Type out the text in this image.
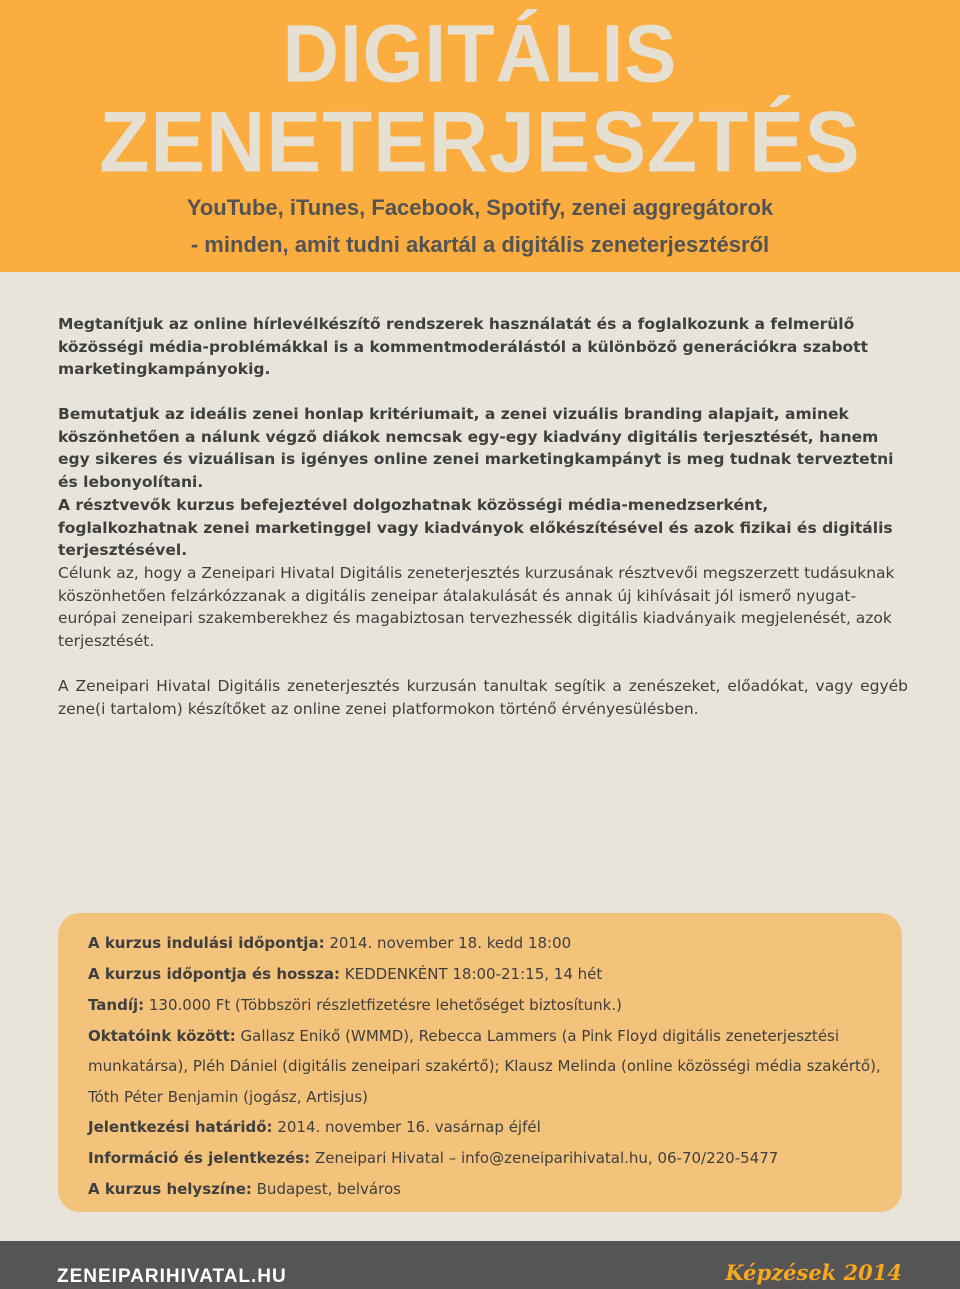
DIGITÁLIS
ZENETERJESZTÉS
YouTube, iTunes, Facebook, Spotify, zenei aggregátorok
- minden, amit tudni akartál a digitális zeneterjesztésről

Megtanítjuk az online hírlevélkészítő rendszerek használatát és a foglalkozunk a felmerülő közösségi média-problémákkal is a kommentmoderálástól a különböző generációkra szabott marketingkampányokig.

Bemutatjuk az ideális zenei honlap kritériumait, a zenei vizuális branding alapjait, aminek köszönhetően a nálunk végző diákok nemcsak egy-egy kiadvány digitális terjesztését, hanem egy sikeres és vizuálisan is igényes online zenei marketingkampányt is meg tudnak terveztetni és lebonyolítani.

A résztvevők kurzus befejeztével dolgozhatnak közösségi média-menedzserként, foglalkozhatnak zenei marketinggel vagy kiadványok előkészítésével és azok fizikai és digitális terjesztésével.

Célunk az, hogy a Zeneipari Hivatal Digitális zeneterjesztés kurzusának résztvevői megszerzett tudásuknak köszönhetően felzárkózzanak a digitális zeneipar átalakulását és annak új kihívásait jól ismerő nyugat-európai zeneipari szakemberekhez és magabiztosan tervezhessék digitális kiadványaik megjelenését, azok terjesztését.

A Zeneipari Hivatal Digitális zeneterjesztés kurzusán tanultak segítik a zenészeket, előadókat, vagy egyéb zene(i tartalom) készítőket az online zenei platformokon történő érvényesülésben.

A kurzus indulási időpontja: 2014. november 18. kedd 18:00
A kurzus időpontja és hossza: KEDDENKÉNT 18:00-21:15, 14 hét
Tandíj: 130.000 Ft (Többszöri részletfizetésre lehetőséget biztosítunk.)
Oktatóink között: Gallasz Enikő (WMMD), Rebecca Lammers (a Pink Floyd digitális zeneterjesztési
munkatársa), Pléh Dániel (digitális zeneipari szakértő); Klausz Melinda (online közösségi média szakértő),
Tóth Péter Benjamin (jogász, Artisjus)
Jelentkezési határidő: 2014. november 16. vasárnap éjfél
Információ és jelentkezés: Zeneipari Hivatal – info@zeneiparihivatal.hu, 06-70/220-5477
A kurzus helyszíne: Budapest, belváros
ZENEIPARIHIVATAL.HU	Képzések 2014
